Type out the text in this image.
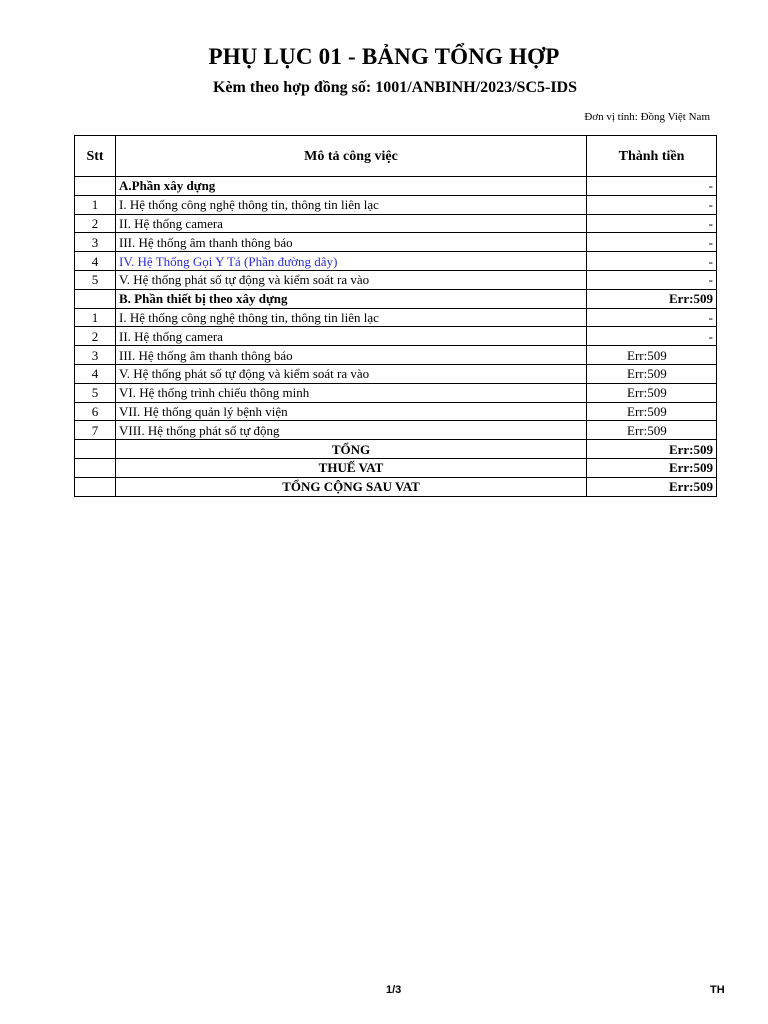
PHỤ LỤC 01 - BẢNG TỔNG HỢP
Kèm theo hợp đồng số: 1001/ANBINH/2023/SC5-IDS
Đơn vị tính: Đồng Việt Nam
Stt	Mô tả công việc	Thành tiền
	A.Phần xây dựng	-
1	I. Hệ thống công nghệ thông tin, thông tin liên lạc	-
2	II. Hệ thống camera	-
3	III. Hệ thống âm thanh thông báo	-
4	IV. Hệ Thống Gọi Y Tá (Phần đường dây)	-
5	V. Hệ thống phát số tự động và kiểm soát ra vào	-
	B. Phần thiết bị theo xây dựng	Err:509
1	I. Hệ thống công nghệ thông tin, thông tin liên lạc	-
2	II. Hệ thống camera	-
3	III. Hệ thống âm thanh thông báo	Err:509
4	V. Hệ thống phát số tự động và kiểm soát ra vào	Err:509
5	VI. Hệ thống trình chiếu thông minh	Err:509
6	VII. Hệ thống quản lý bệnh viện	Err:509
7	VIII. Hệ thống phát số tự động	Err:509
	TỔNG	Err:509
	THUẾ VAT	Err:509
	TỔNG CỘNG SAU VAT	Err:509
1/3	TH
